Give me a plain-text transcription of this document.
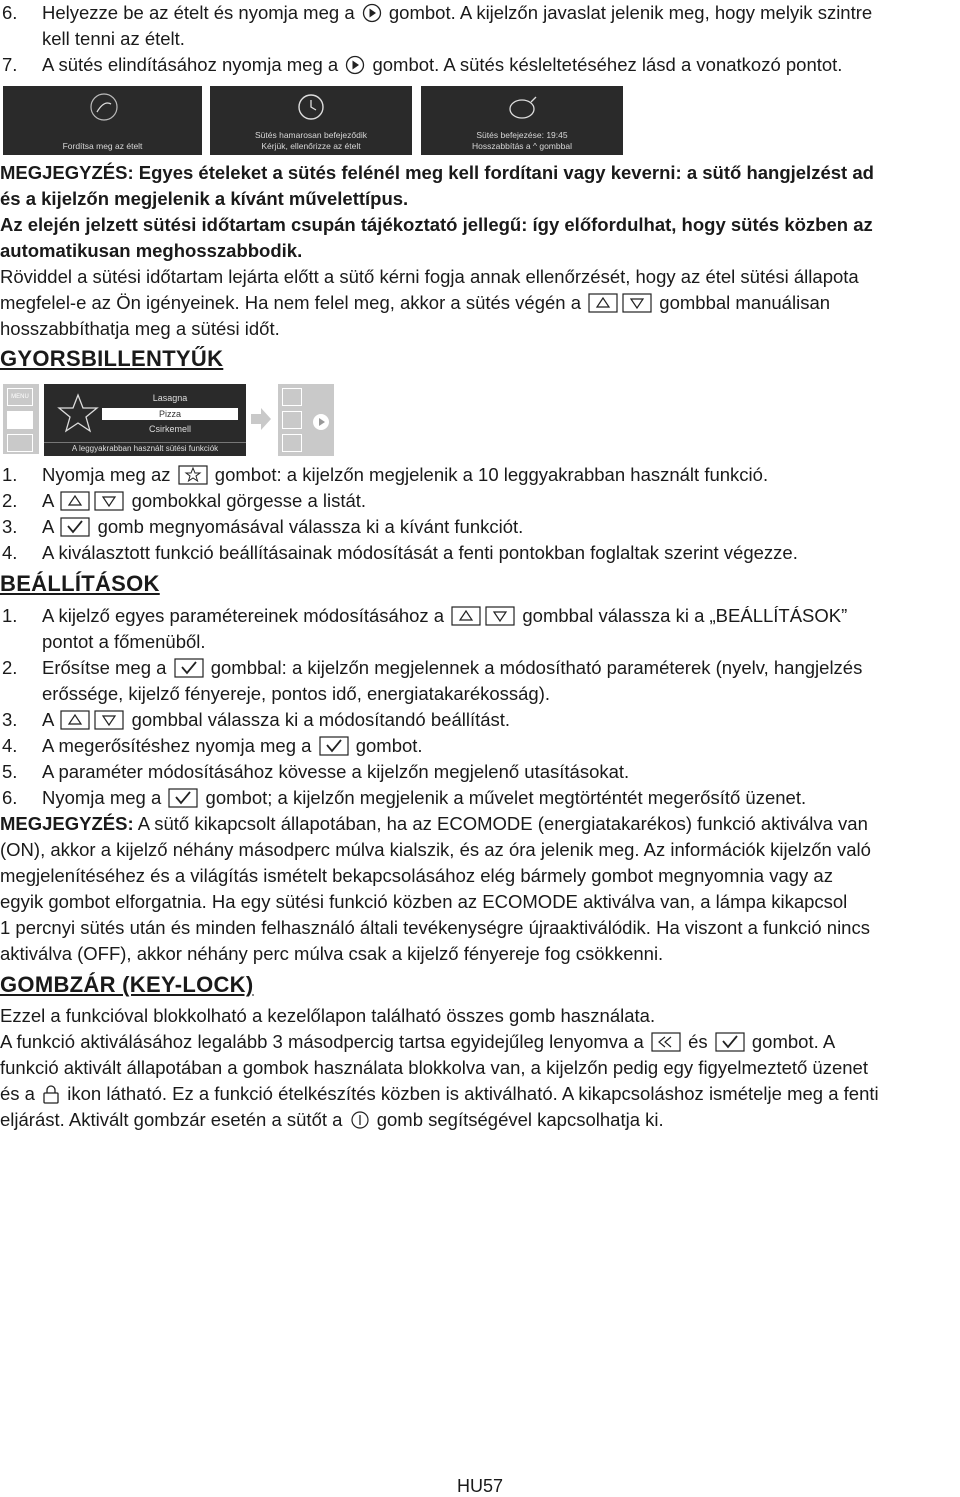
6. Helyezze be az ételt és nyomja meg a gombot. A kijelzőn javaslat jelenik meg, hogy melyik szintre

kell tenni az ételt.

7. A sütés elindításához nyomja meg a gombot. A sütés késleltetéséhez lásd a vonatkozó pontot.

Fordítsa meg az ételt
Sütés hamarosan befejeződik
Kérjük, ellenőrizze az ételt
Sütés befejezése: 19:45
Hosszabbítás a ^ gombbal

MEGJEGYZÉS: Egyes ételeket a sütés felénél meg kell fordítani vagy keverni: a sütő hangjelzést ad

és a kijelzőn megjelenik a kívánt művelettípus.

Az elején jelzett sütési időtartam csupán tájékoztató jellegű: így előfordulhat, hogy sütés közben az

automatikusan meghosszabbodik.

Röviddel a sütési időtartam lejárta előtt a sütő kérni fogja annak ellenőrzését, hogy az étel sütési állapota

megfelel-e az Ön igényeinek. Ha nem felel meg, akkor a sütés végén a	gombbal manuálisan

hosszabbíthatja meg a sütési időt.

GYORSBILLENTYŰK
MENU	Lasagna
Pizza
Csirkemell
A leggyakrabban használt sütési funkciók

1. Nyomja meg az gombot: a kijelzőn megjelenik a 10 leggyakrabban használt funkció.

2. A	gombokkal görgesse a listát.

3. A gomb megnyomásával válassza ki a kívánt funkciót.

4. A kiválasztott funkció beállításainak módosítását a fenti pontokban foglaltak szerint végezze.

BEÁLLÍTÁSOK

1. A kijelző egyes paramétereinek módosításához a	gombbal válassza ki a „BEÁLLÍTÁSOK”

pontot a főmenüből.

2. Erősítse meg a gombbal: a kijelzőn megjelennek a módosítható paraméterek (nyelv, hangjelzés

erőssége, kijelző fényereje, pontos idő, energiatakarékosság).

3. A	gombbal válassza ki a módosítandó beállítást.

4. A megerősítéshez nyomja meg a gombot.

5. A paraméter módosításához kövesse a kijelzőn megjelenő utasításokat.

6. Nyomja meg a gombot; a kijelzőn megjelenik a művelet megtörténtét megerősítő üzenet.

MEGJEGYZÉS: A sütő kikapcsolt állapotában, ha az ECOMODE (energiatakarékos) funkció aktiválva van

(ON), akkor a kijelző néhány másodperc múlva kialszik, és az óra jelenik meg. Az információk kijelzőn való

megjelenítéséhez és a világítás ismételt bekapcsolásához elég bármely gombot megnyomnia vagy az

egyik gombot elforgatnia. Ha egy sütési funkció közben az ECOMODE aktiválva van, a lámpa kikapcsol

1 percnyi sütés után és minden felhasználó általi tevékenységre újraaktiválódik. Ha viszont a funkció nincs

aktiválva (OFF), akkor néhány perc múlva csak a kijelző fényereje fog csökkenni.

GOMBZÁR (KEY-LOCK)

Ezzel a funkcióval blokkolható a kezelőlapon található összes gomb használata.

A funkció aktiválásához legalább 3 másodpercig tartsa egyidejűleg lenyomva a és gombot. A

funkció aktivált állapotában a gombok használata blokkolva van, a kijelzőn pedig egy figyelmeztető üzenet

és a ikon látható. Ez a funkció ételkészítés közben is aktiválható. A kikapcsoláshoz ismételje meg a fenti

eljárást. Aktivált gombzár esetén a sütőt a gomb segítségével kapcsolhatja ki.

HU57
